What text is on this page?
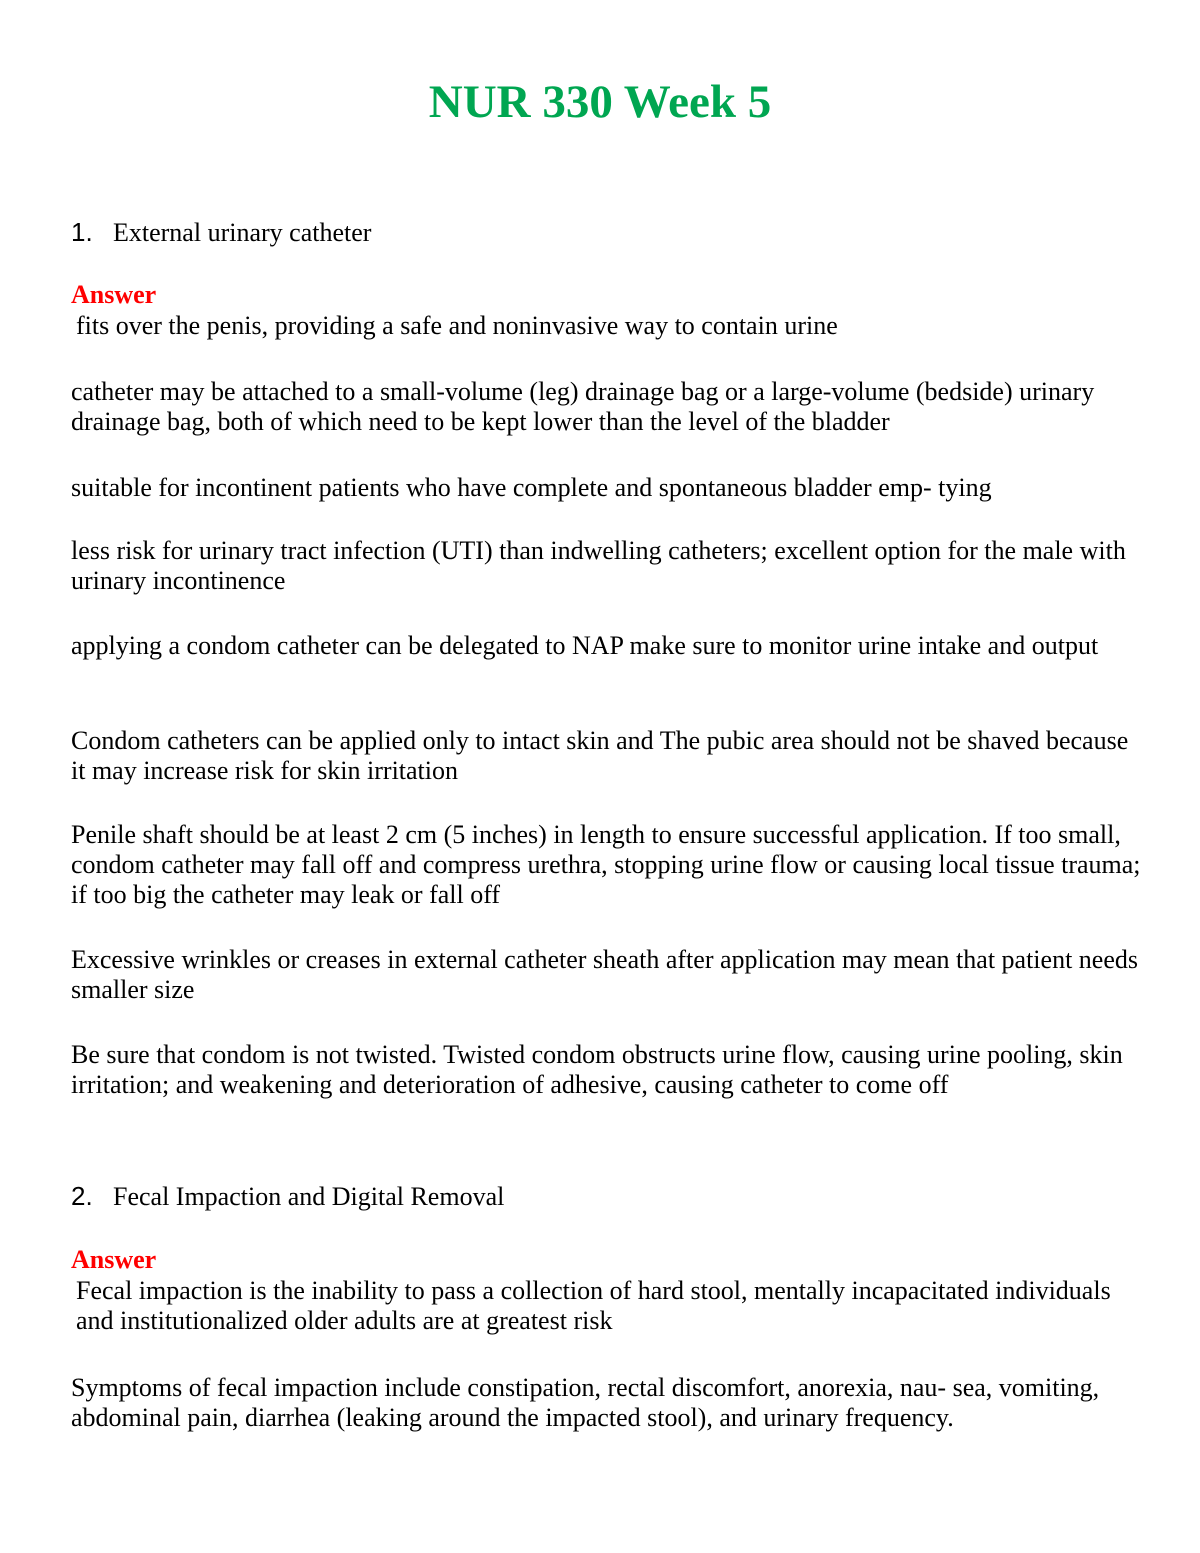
NUR 330 Week 5
1. External urinary catheter
Answer

fits over the penis, providing a safe and noninvasive way to contain urine

catheter may be attached to a small-volume (leg) drainage bag or a large-volume (bedside) urinary drainage bag, both of which need to be kept lower than the level of the bladder

suitable for incontinent patients who have complete and spontaneous bladder emp- tying

less risk for urinary tract infection (UTI) than indwelling catheters; excellent option for the male with urinary incontinence

applying a condom catheter can be delegated to NAP make sure to monitor urine intake and output

Condom catheters can be applied only to intact skin and The pubic area should not be shaved because it may increase risk for skin irritation

Penile shaft should be at least 2 cm (5 inches) in length to ensure successful application. If too small, condom catheter may fall off and compress urethra, stopping urine flow or causing local tissue trauma; if too big the catheter may leak or fall off

Excessive wrinkles or creases in external catheter sheath after application may mean that patient needs smaller size

Be sure that condom is not twisted. Twisted condom obstructs urine flow, causing urine pooling, skin irritation; and weakening and deterioration of adhesive, causing catheter to come off

2. Fecal Impaction and Digital Removal
Answer

Fecal impaction is the inability to pass a collection of hard stool, mentally incapacitated individuals and institutionalized older adults are at greatest risk

Symptoms of fecal impaction include constipation, rectal discomfort, anorexia, nau- sea, vomiting, abdominal pain, diarrhea (leaking around the impacted stool), and urinary frequency.
